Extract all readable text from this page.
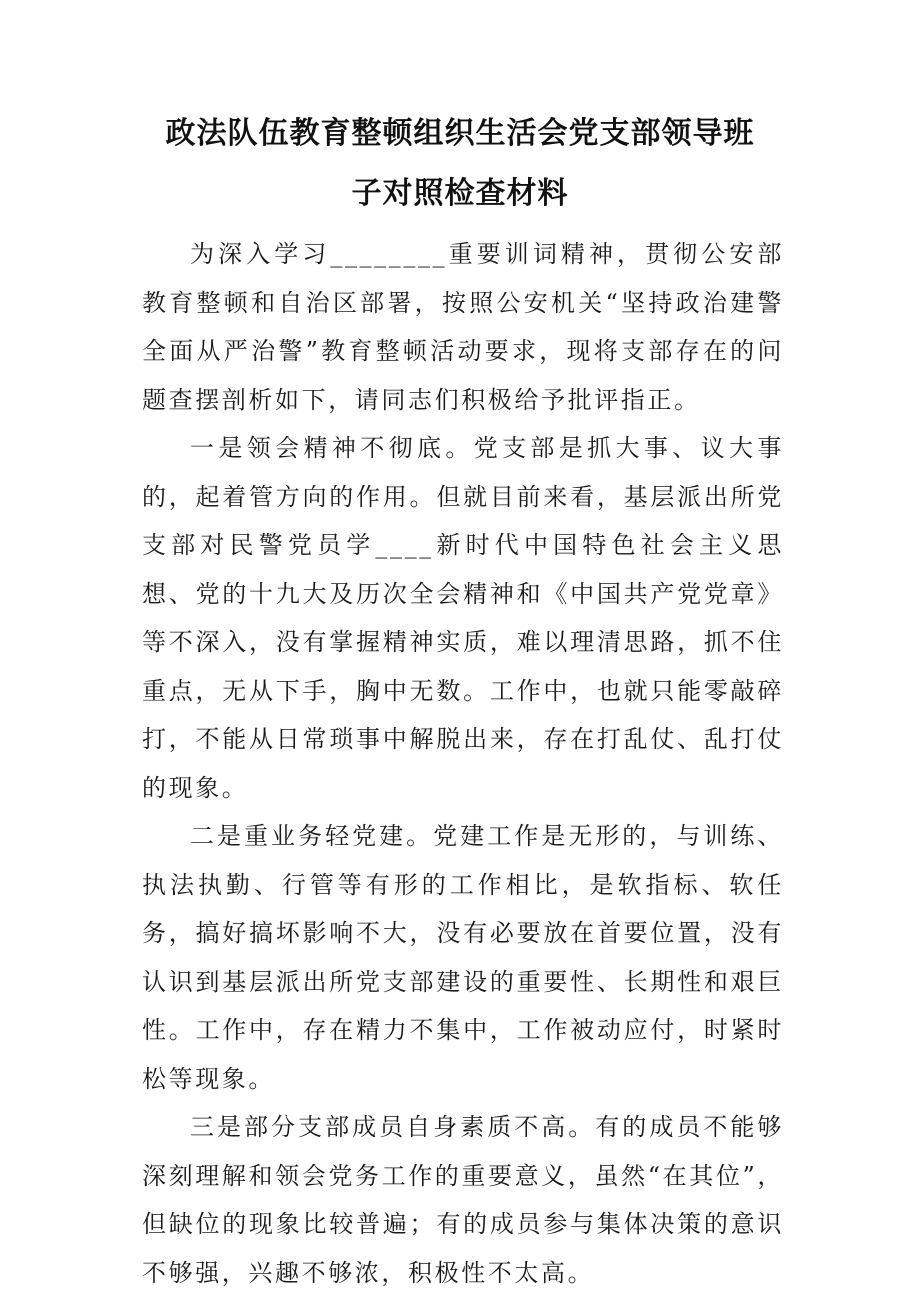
政法队伍教育整顿组织生活会党支部领导班
子对照检查材料

为深入学习________重要训词精神，贯彻公安部教育整顿和自治区部署，按照公安机关“坚持政治建警 全面从严治警”教育整顿活动要求，现将支部存在的问题查摆剖析如下，请同志们积极给予批评指正。

一是领会精神不彻底。党支部是抓大事、议大事的，起着管方向的作用。但就目前来看，基层派出所党支部对民警党员学____新时代中国特色社会主义思想、党的十九大及历次全会精神和《中国共产党党章》等不深入，没有掌握精神实质，难以理清思路，抓不住重点，无从下手，胸中无数。工作中，也就只能零敲碎打，不能从日常琐事中解脱出来，存在打乱仗、乱打仗的现象。

二是重业务轻党建。党建工作是无形的，与训练、执法执勤、行管等有形的工作相比，是软指标、软任务，搞好搞坏影响不大，没有必要放在首要位置，没有认识到基层派出所党支部建设的重要性、长期性和艰巨性。工作中，存在精力不集中，工作被动应付，时紧时松等现象。

三是部分支部成员自身素质不高。有的成员不能够深刻理解和领会党务工作的重要意义，虽然“在其位”，但缺位的现象比较普遍；有的成员参与集体决策的意识不够强，兴趣不够浓，积极性不太高。
